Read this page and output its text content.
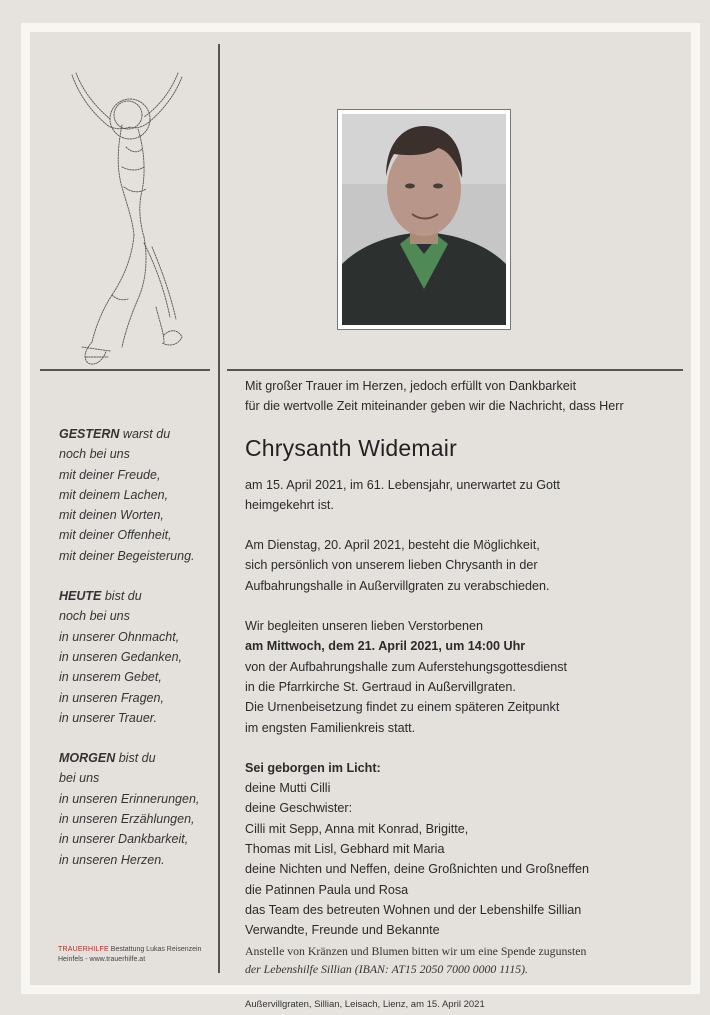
GESTERN warst du

noch bei uns

mit deiner Freude,

mit deinem Lachen,

mit deinen Worten,

mit deiner Offenheit,

mit deiner Begeisterung.

HEUTE bist du

noch bei uns

in unserer Ohnmacht,

in unseren Gedanken,

in unserem Gebet,

in unseren Fragen,

in unserer Trauer.

MORGEN bist du

bei uns

in unseren Erinnerungen,

in unseren Erzählungen,

in unserer Dankbarkeit,

in unseren Herzen.

TRAUERHILFE Bestattung Lukas Reisenzein
Heinfels - www.trauerhilfe.at

Mit großer Trauer im Herzen, jedoch erfüllt von Dankbarkeit

für die wertvolle Zeit miteinander geben wir die Nachricht, dass Herr

Chrysanth Widemair

am 15. April 2021, im 61. Lebensjahr, unerwartet zu Gott

heimgekehrt ist.

Am Dienstag, 20. April 2021, besteht die Möglichkeit,

sich persönlich von unserem lieben Chrysanth in der

Aufbahrungshalle in Außervillgraten zu verabschieden.

Wir begleiten unseren lieben Verstorbenen

am Mittwoch, dem 21. April 2021, um 14:00 Uhr

von der Aufbahrungshalle zum Auferstehungsgottesdienst

in die Pfarrkirche St. Gertraud in Außervillgraten.

Die Urnenbeisetzung findet zu einem späteren Zeitpunkt

im engsten Familienkreis statt.

Sei geborgen im Licht:

deine Mutti Cilli

deine Geschwister:

Cilli mit Sepp, Anna mit Konrad, Brigitte,

Thomas mit Lisl, Gebhard mit Maria

deine Nichten und Neffen, deine Großnichten und Großneffen

die Patinnen Paula und Rosa

das Team des betreuten Wohnen und der Lebenshilfe Sillian

Verwandte, Freunde und Bekannte

Anstelle von Kränzen und Blumen bitten wir um eine Spende zugunsten

der Lebenshilfe Sillian (IBAN: AT15 2050 7000 0000 1115).

Außervillgraten, Sillian, Leisach, Lienz, am 15. April 2021
